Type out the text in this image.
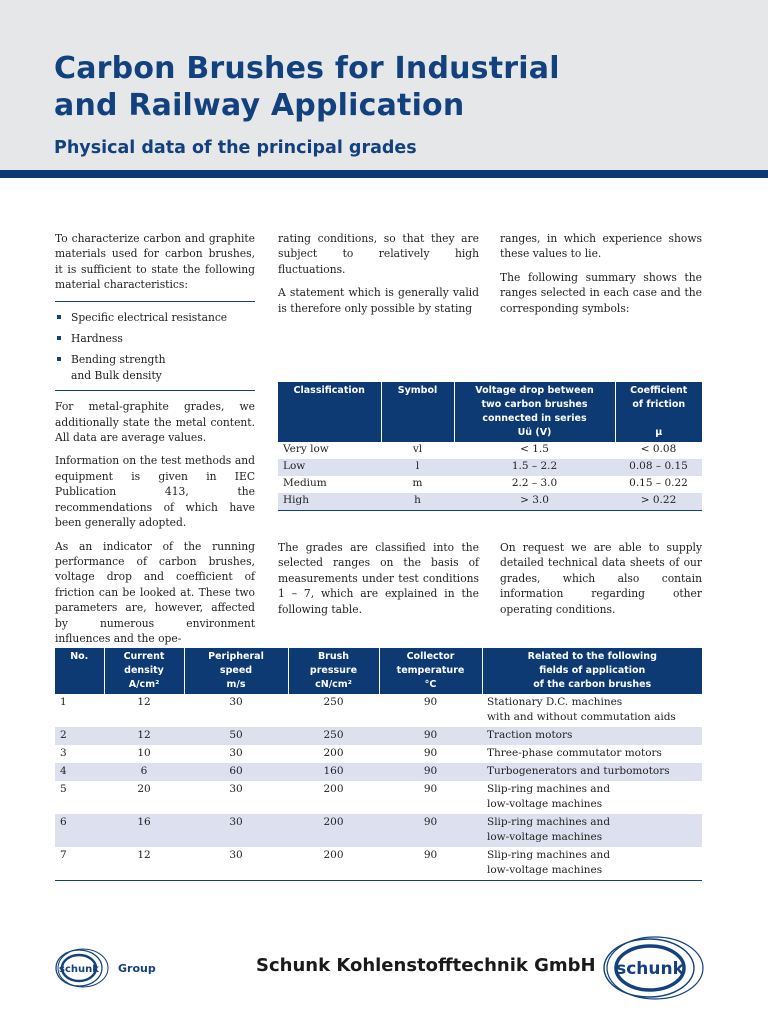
Carbon Brushes for Industrial
and Railway Application
Physical data of the principal grades

To characterize carbon and graphite materials used for carbon brushes, it is sufficient to state the following material characteristics:

Specific electrical resistance
Hardness
Bending strength
and Bulk density

For metal-graphite grades, we additionally state the metal content. All data are average values.

Information on the test methods and equipment is given in IEC Publication 413, the recommendations of which have been generally adopted.

As an indicator of the running performance of carbon brushes, voltage drop and coefficient of friction can be looked at. These two parameters are, however, affected by numerous environment influences and the ope-

rating conditions, so that they are subject to relatively high fluctuations.

A statement which is generally valid is therefore only possible by stating

ranges, in which experience shows these values to lie.

The following summary shows the ranges selected in each case and the corresponding symbols:

Classification	Symbol	Voltage drop between
two carbon brushes
connected in series
Uü (V)	Coefficient
of friction

µ
Very low	vl	< 1.5	< 0.08
Low	l	1.5 – 2.2	0.08 – 0.15
Medium	m	2.2 – 3.0	0.15 – 0.22
High	h	> 3.0	> 0.22

The grades are classified into the selected ranges on the basis of measurements under test conditions 1 – 7, which are explained in the following table.

On request we are able to supply detailed technical data sheets of our grades, which also contain information regarding other operating conditions.

No.	Current
density
A/cm²	Peripheral
speed
m/s	Brush
pressure
cN/cm²	Collector
temperature
°C	Related to the following
fields of application
of the carbon brushes
1	12	30	250	90	Stationary D.C. machines
with and without commutation aids
2	12	50	250	90	Traction motors
3	10	30	200	90	Three-phase commutator motors
4	6	60	160	90	Turbogenerators and turbomotors
5	20	30	200	90	Slip-ring machines and
low-voltage machines
6	16	30	200	90	Slip-ring machines and
low-voltage machines
7	12	30	200	90	Slip-ring machines and
low-voltage machines
schunk Group	Schunk Kohlenstofftechnik GmbH schunk
